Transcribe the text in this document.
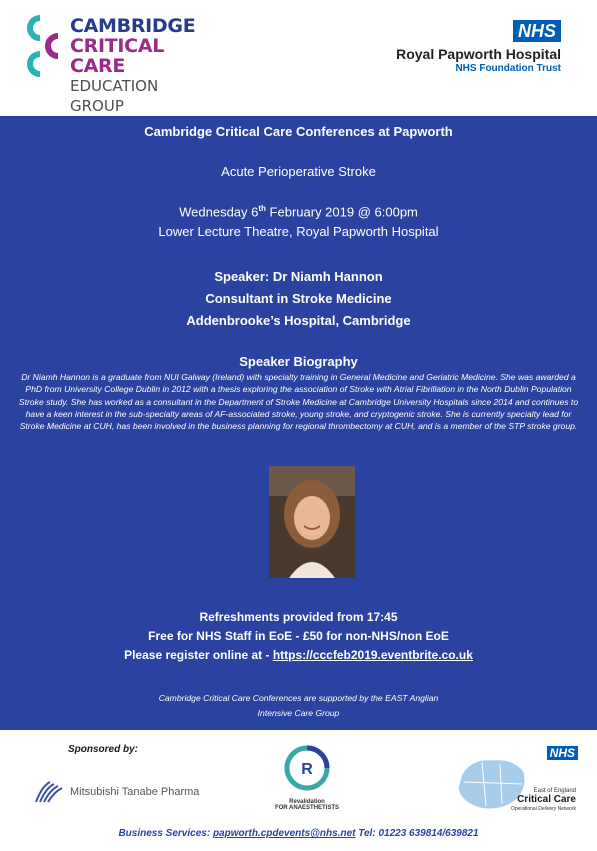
CAMBRIDGE
CRITICAL CARE
EDUCATION GROUP
NHS
Royal Papworth Hospital
NHS Foundation Trust
Cambridge Critical Care Conferences at Papworth
Acute Perioperative Stroke
Wednesday 6th February 2019 @ 6:00pm
Lower Lecture Theatre, Royal Papworth Hospital
Speaker: Dr Niamh Hannon
Consultant in Stroke Medicine
Addenbrooke’s Hospital, Cambridge
Speaker Biography
Dr Niamh Hannon is a graduate from NUI Galway (Ireland) with specialty training in General Medicine and Geriatric Medicine. She was awarded a PhD from University College Dublin in 2012 with a thesis exploring the association of Stroke with Atrial Fibrillation in the North Dublin Population Stroke study. She has worked as a consultant in the Department of Stroke Medicine at Cambridge University Hospitals since 2014 and continues to have a keen interest in the sub-specialty areas of AF-associated stroke, young stroke, and cryptogenic stroke. She is currently specialty lead for Stroke Medicine at CUH, has been involved in the business planning for regional thrombectomy at CUH, and is a member of the STP stroke group.
Refreshments provided from 17:45
Free for NHS Staff in EoE - £50 for non-NHS/non EoE
Please register online at - https://cccfeb2019.eventbrite.co.uk
Cambridge Critical Care Conferences are supported by the EAST Anglian
Intensive Care Group
Sponsored by:
Mitsubishi Tanabe Pharma
R
Revalidation
FOR ANAESTHETISTS
NHS
East of England
Critical Care
Operational Delivery Network
Business Services: papworth.cpdevents@nhs.net Tel: 01223 639814/639821
